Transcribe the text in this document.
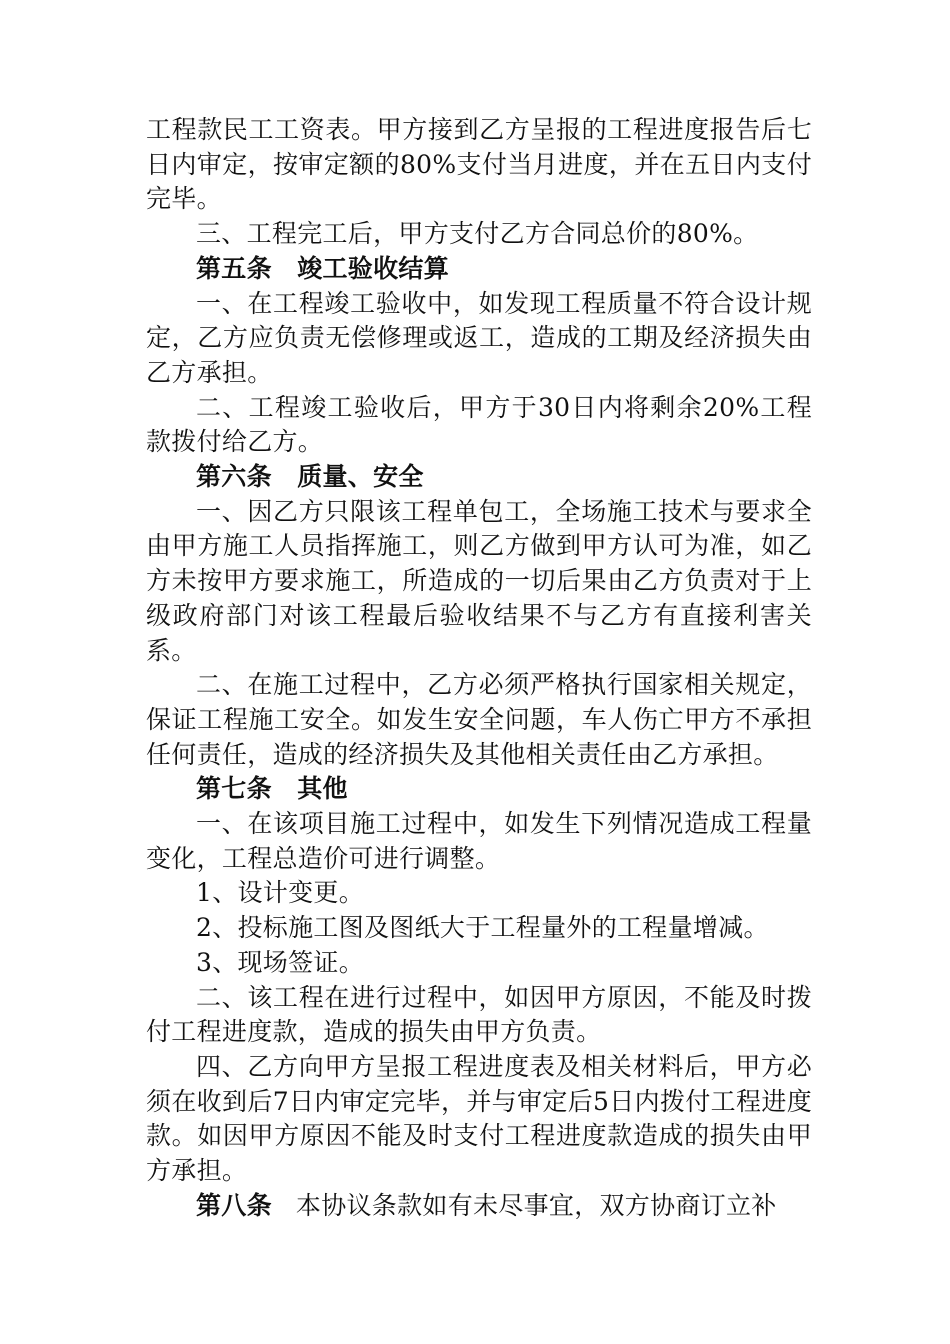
工程款民工工资表。甲方接到乙方呈报的工程进度报告后七日内审定，按审定额的80%支付当月进度，并在五日内支付完毕。

三、工程完工后，甲方支付乙方合同总价的80%。

第五条　竣工验收结算

一、在工程竣工验收中，如发现工程质量不符合设计规定，乙方应负责无偿修理或返工，造成的工期及经济损失由乙方承担。

二、工程竣工验收后，甲方于30日内将剩余20%工程款拨付给乙方。

第六条　质量、安全

一、因乙方只限该工程单包工，全场施工技术与要求全由甲方施工人员指挥施工，则乙方做到甲方认可为准，如乙方未按甲方要求施工，所造成的一切后果由乙方负责对于上级政府部门对该工程最后验收结果不与乙方有直接利害关系。

二、在施工过程中，乙方必须严格执行国家相关规定，保证工程施工安全。如发生安全问题，车人伤亡甲方不承担任何责任，造成的经济损失及其他相关责任由乙方承担。

第七条　其他

一、在该项目施工过程中，如发生下列情况造成工程量变化，工程总造价可进行调整。

1、设计变更。

2、投标施工图及图纸大于工程量外的工程量增减。

3、现场签证。

二、该工程在进行过程中，如因甲方原因，不能及时拨付工程进度款，造成的损失由甲方负责。

四、乙方向甲方呈报工程进度表及相关材料后，甲方必须在收到后7日内审定完毕，并与审定后5日内拨付工程进度款。如因甲方原因不能及时支付工程进度款造成的损失由甲方承担。

第八条 本协议条款如有未尽事宜，双方协商订立补
